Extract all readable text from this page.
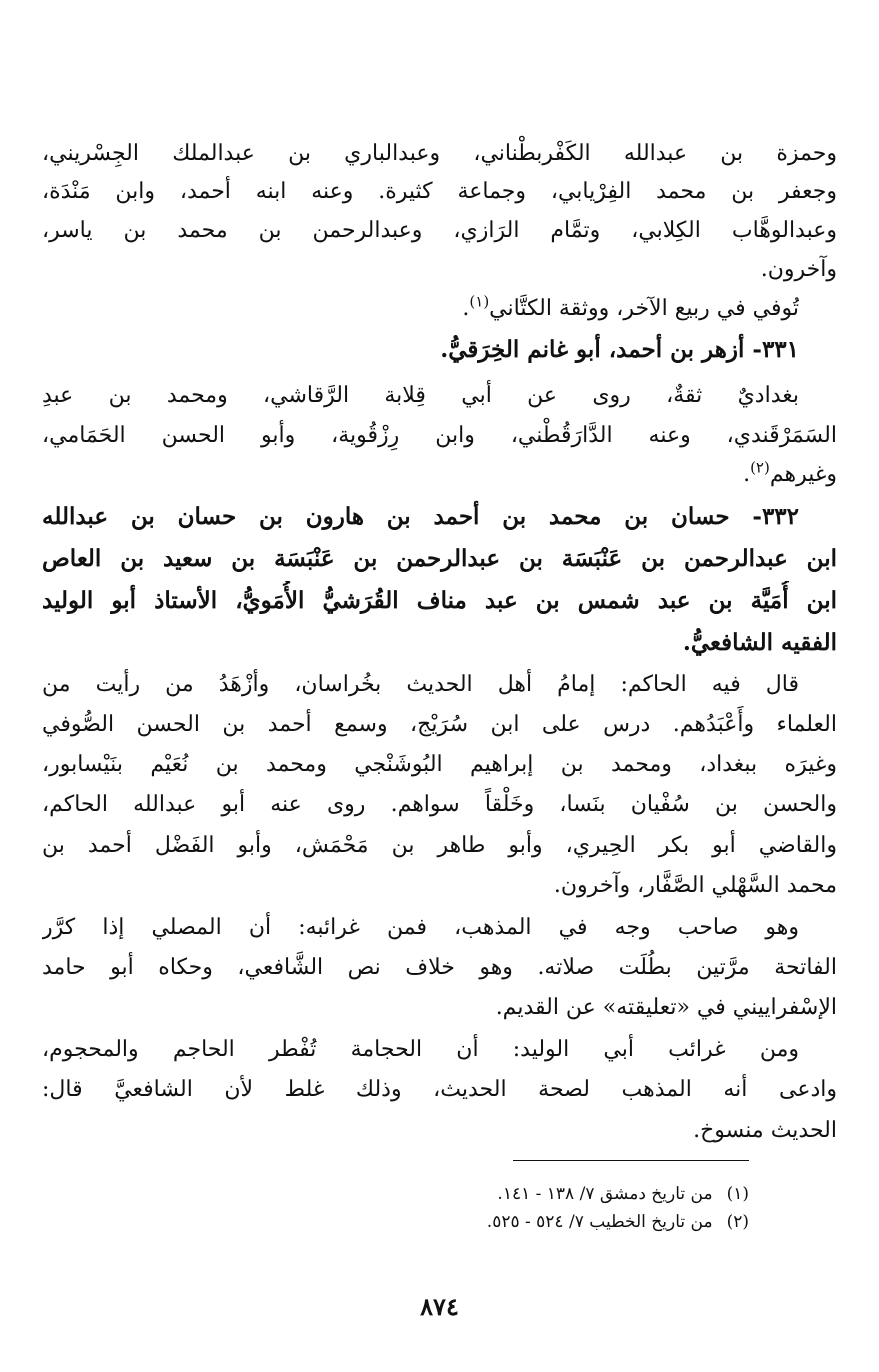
وحمزة بن عبدالله الكَفْربطْناني، وعبدالباري بن عبدالملك الجِسْريني،
وجعفر بن محمد الفِرْيابي، وجماعة كثيرة. وعنه ابنه أحمد، وابن مَنْدَة،
وعبدالوهَّاب الكِلابي، وتمَّام الرَازي، وعبدالرحمن بن محمد بن ياسر،
وآخرون.
تُوفي في ربيع الآخر، ووثقة الكتَّاني$^{(١)}$.
٣٣١- أزهر بن أحمد، أبو غانم الخِرَقيُّ.
بغداديٌ ثقةٌ، روى عن أبي قِلابة الرَّقاشي، ومحمد بن عبدِ
السَمَرْقَندي، وعنه الدَّارَقُطْني، وابن رِزْقُوية، وأبو الحسن الحَمَامي،
وغيرهم$^{(٢)}$.
٣٣٢- حسان بن محمد بن أحمد بن هارون بن حسان بن عبدالله
ابن عبدالرحمن بن عَنْبَسَة بن عبدالرحمن بن عَنْبَسَة بن سعيد بن العاص
ابن أُمَيَّة بن عبد شمس بن عبد مناف القُرَشيُّ الأُمَويُّ، الأستاذ أبو الوليد
الفقيه الشافعيُّ.
قال فيه الحاكم: إمامُ أهل الحديث بخُراسان، وأزْهَدُ من رأيت من
العلماء وأَعْبَدُهم. درس على ابن سُرَيْج، وسمع أحمد بن الحسن الصُّوفي
وغيرَه ببغداد، ومحمد بن إبراهيم البُوشَنْجي ومحمد بن نُعَيْم بنَيْسابور،
والحسن بن سُفْيان بنَسا، وخَلْقاً سواهم. روى عنه أبو عبدالله الحاكم،
والقاضي أبو بكر الحِيري، وأبو طاهر بن مَحْمَش، وأبو الفَضْل أحمد بن
محمد السَّهْلي الصَّفَّار، وآخرون.
وهو صاحب وجه في المذهب، فمن غرائبه: أن المصلي إذا كرَّر
الفاتحة مرَّتين بطُلَت صلاته. وهو خلاف نص الشَّافعي، وحكاه أبو حامد
الإسْفراييني في «تعليقته» عن القديم.
ومن غرائب أبي الوليد: أن الحجامة تُفْطر الحاجم والمحجوم،
وادعى أنه المذهب لصحة الحديث، وذلك غلط لأن الشافعيَّ قال:
الحديث منسوخ.
(١)من تاريخ دمشق ٧/ ١٣٨ - ١٤١.
(٢)من تاريخ الخطيب ٧/ ٥٢٤ - ٥٢٥.
٨٧٤
